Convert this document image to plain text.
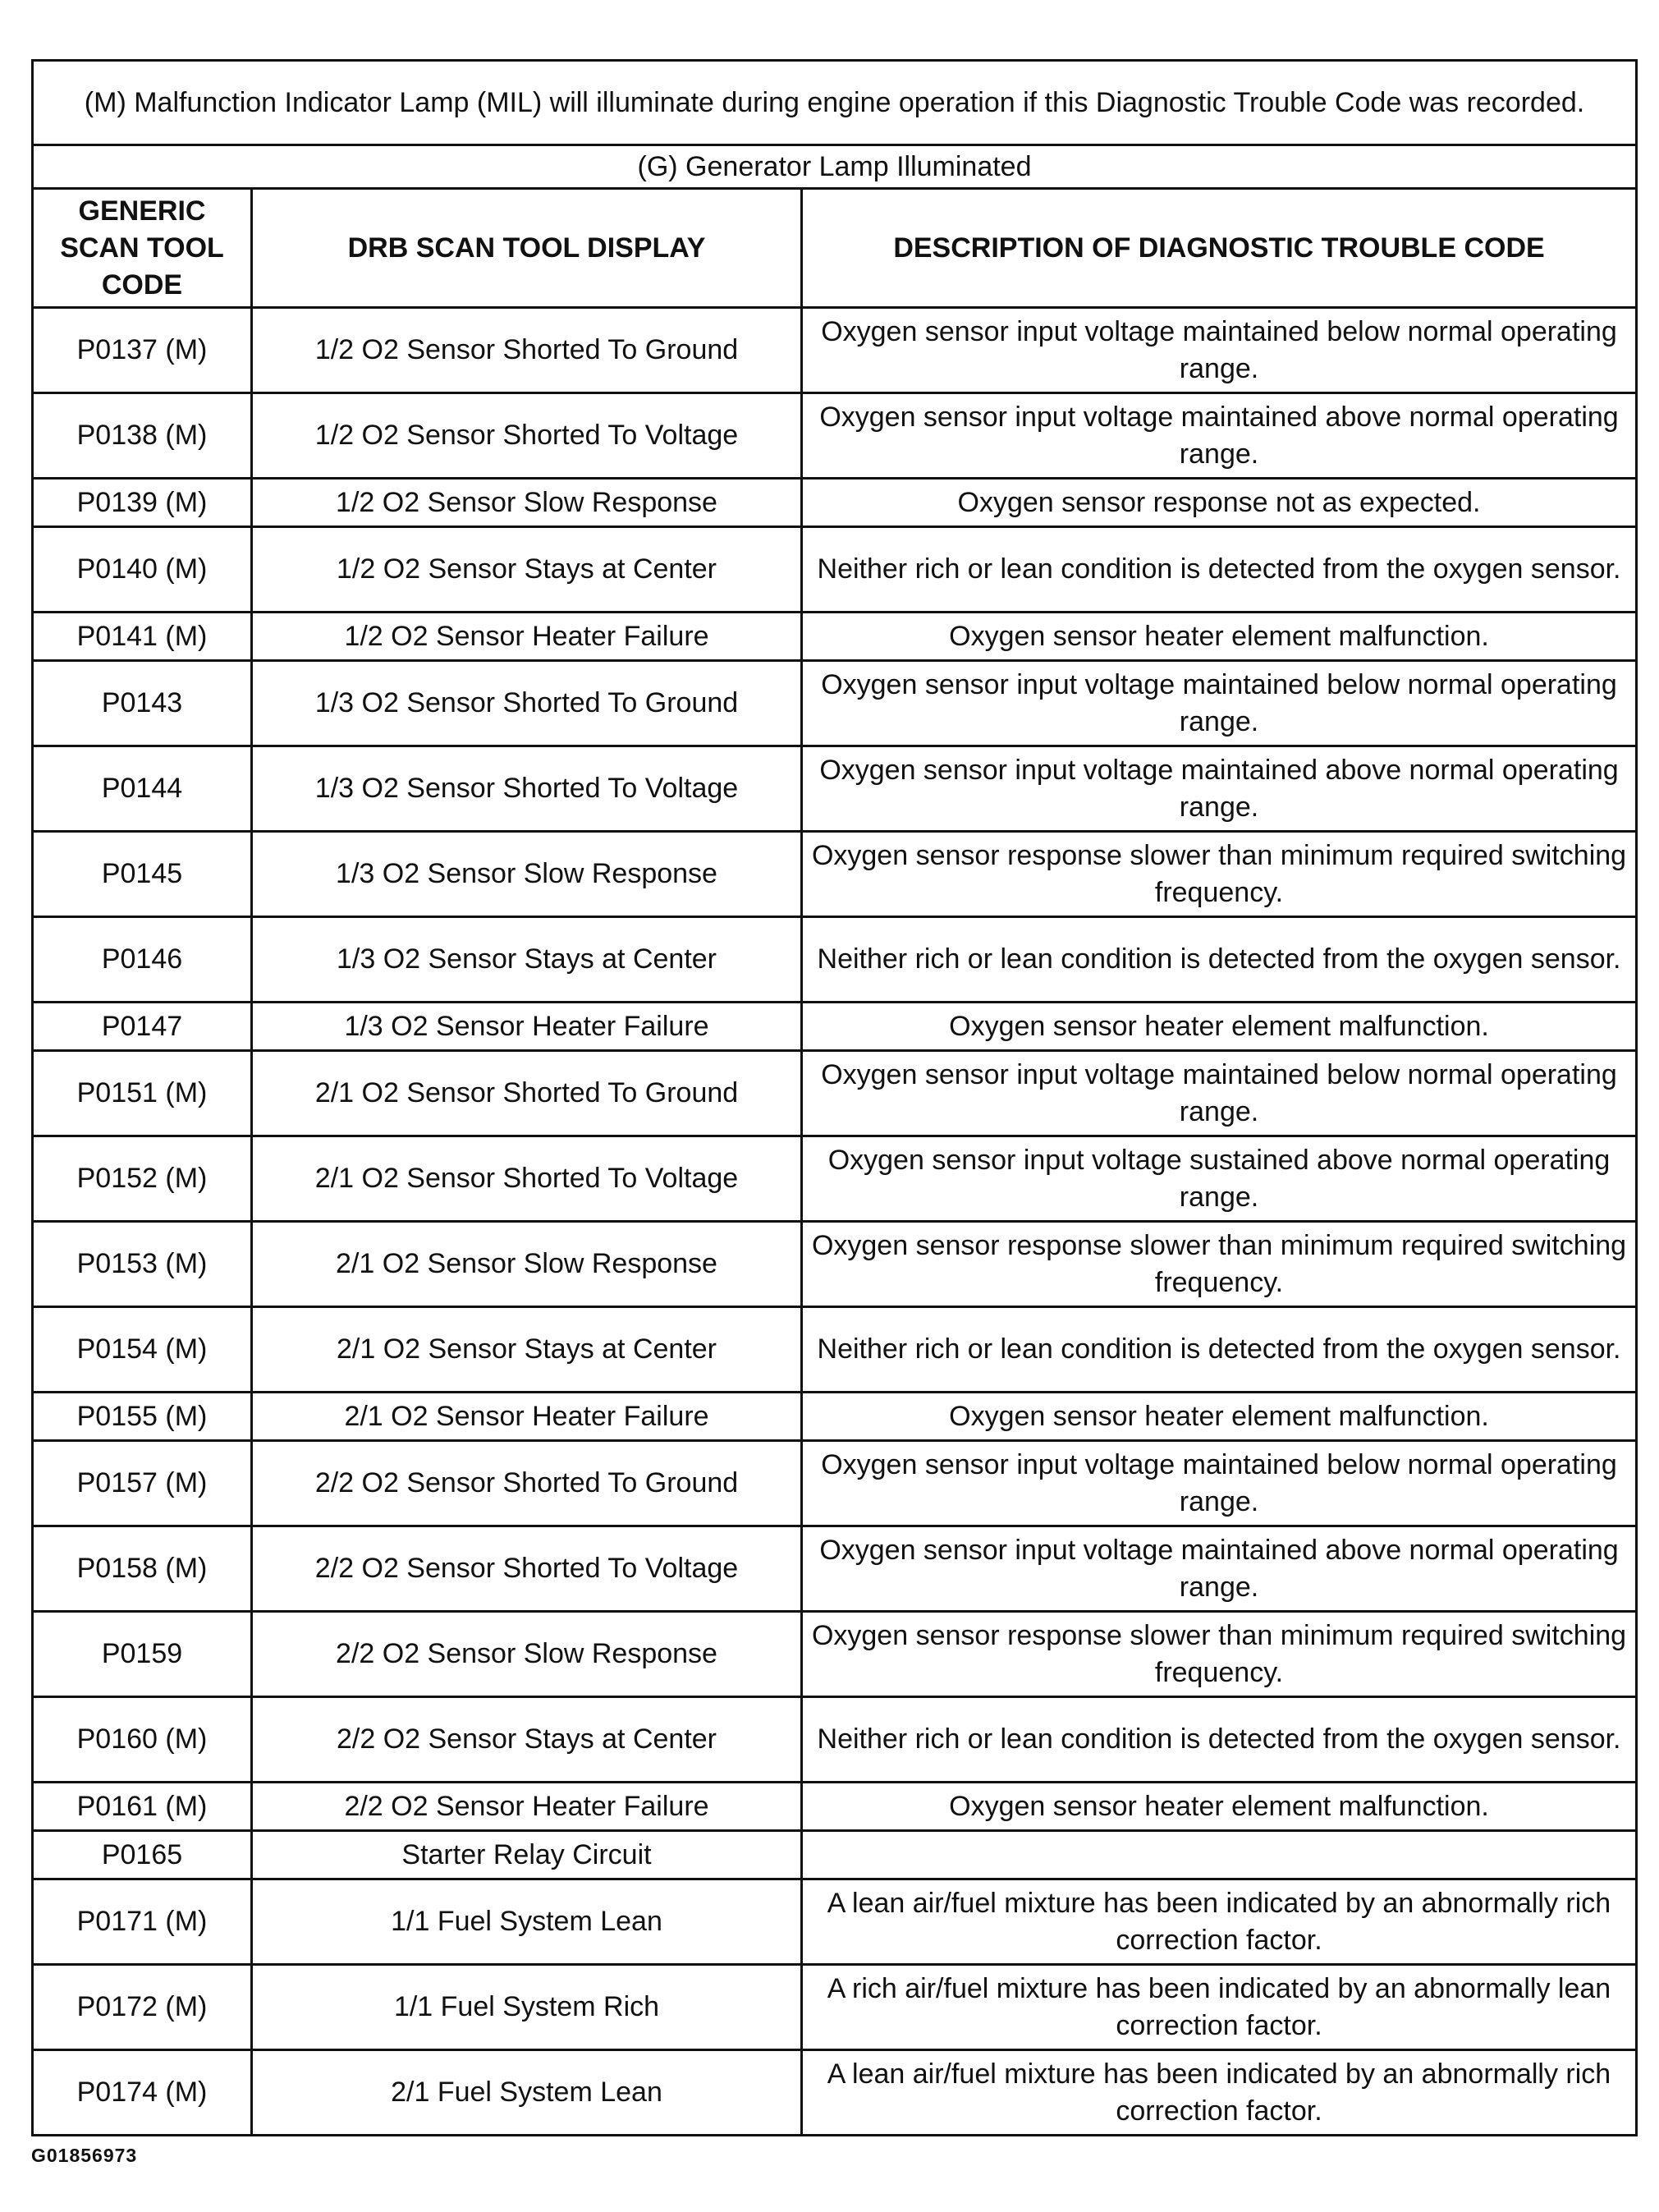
(M) Malfunction Indicator Lamp (MIL) will illuminate during engine operation if this Diagnostic Trouble Code was recorded.		
(G) Generator Lamp Illuminated		
GENERIC SCAN TOOL CODE	DRB SCAN TOOL DISPLAY	DESCRIPTION OF DIAGNOSTIC TROUBLE CODE
P0137 (M)	1/2 O2 Sensor Shorted To Ground	Oxygen sensor input voltage maintained below normal operating range.
P0138 (M)	1/2 O2 Sensor Shorted To Voltage	Oxygen sensor input voltage maintained above normal operating range.
P0139 (M)	1/2 O2 Sensor Slow Response	Oxygen sensor response not as expected.
P0140 (M)	1/2 O2 Sensor Stays at Center	Neither rich or lean condition is detected from the oxygen sensor.
P0141 (M)	1/2 O2 Sensor Heater Failure	Oxygen sensor heater element malfunction.
P0143	1/3 O2 Sensor Shorted To Ground	Oxygen sensor input voltage maintained below normal operating range.
P0144	1/3 O2 Sensor Shorted To Voltage	Oxygen sensor input voltage maintained above normal operating range.
P0145	1/3 O2 Sensor Slow Response	Oxygen sensor response slower than minimum required switching frequency.
P0146	1/3 O2 Sensor Stays at Center	Neither rich or lean condition is detected from the oxygen sensor.
P0147	1/3 O2 Sensor Heater Failure	Oxygen sensor heater element malfunction.
P0151 (M)	2/1 O2 Sensor Shorted To Ground	Oxygen sensor input voltage maintained below normal operating range.
P0152 (M)	2/1 O2 Sensor Shorted To Voltage	Oxygen sensor input voltage sustained above normal operating range.
P0153 (M)	2/1 O2 Sensor Slow Response	Oxygen sensor response slower than minimum required switching frequency.
P0154 (M)	2/1 O2 Sensor Stays at Center	Neither rich or lean condition is detected from the oxygen sensor.
P0155 (M)	2/1 O2 Sensor Heater Failure	Oxygen sensor heater element malfunction.
P0157 (M)	2/2 O2 Sensor Shorted To Ground	Oxygen sensor input voltage maintained below normal operating range.
P0158 (M)	2/2 O2 Sensor Shorted To Voltage	Oxygen sensor input voltage maintained above normal operating range.
P0159	2/2 O2 Sensor Slow Response	Oxygen sensor response slower than minimum required switching frequency.
P0160 (M)	2/2 O2 Sensor Stays at Center	Neither rich or lean condition is detected from the oxygen sensor.
P0161 (M)	2/2 O2 Sensor Heater Failure	Oxygen sensor heater element malfunction.
P0165	Starter Relay Circuit	
P0171 (M)	1/1 Fuel System Lean	A lean air/fuel mixture has been indicated by an abnormally rich correction factor.
P0172 (M)	1/1 Fuel System Rich	A rich air/fuel mixture has been indicated by an abnormally lean correction factor.
P0174 (M)	2/1 Fuel System Lean	A lean air/fuel mixture has been indicated by an abnormally rich correction factor.
G01856973
